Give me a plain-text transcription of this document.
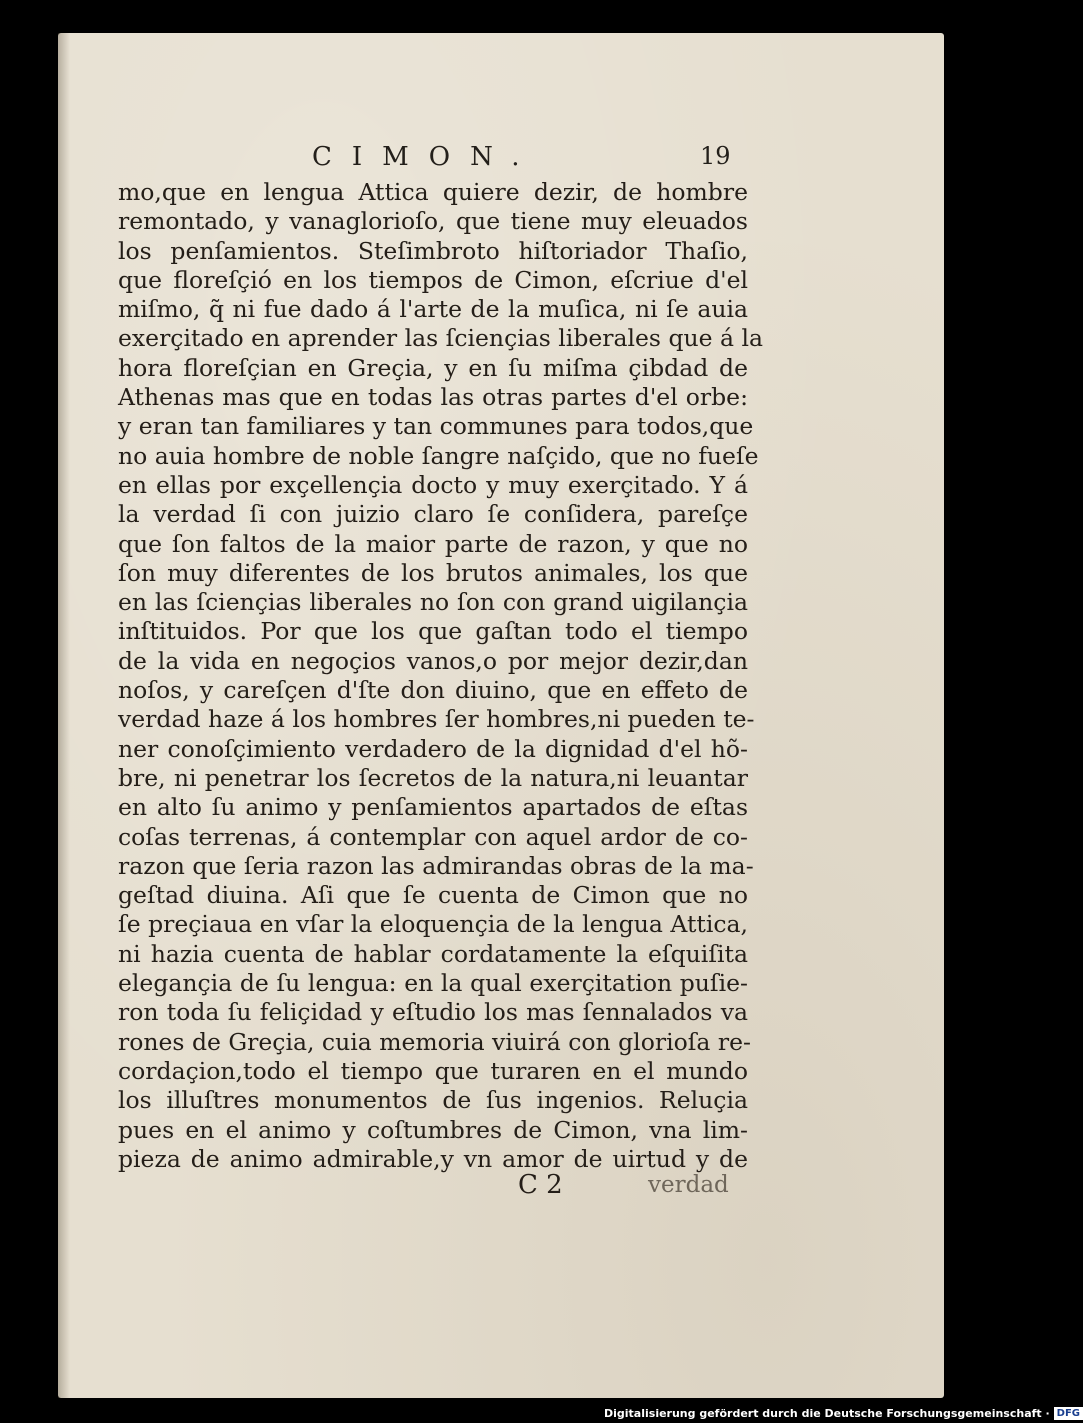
CIMON.	19
mo,que en lengua Attica quiere dezir, de hombre
remontado, y vanaglorioſo, que tiene muy eleuados
los penſamientos. Steſimbroto hiſtoriador Thaſio,
que floreſçió en los tiempos de Cimon, eſcriue d'el
miſmo, q̃ ni fue dado á l'arte de la muſica, ni ſe auia
exerçitado en aprender las ſciençias liberales que á la
hora floreſçian en Greçia, y en ſu miſma çibdad de
Athenas mas que en todas las otras partes d'el orbe:
y eran tan familiares y tan communes para todos,que
no auia hombre de noble ſangre naſçido, que no fueſe
en ellas por exçellençia docto y muy exerçitado. Y á
la verdad ſi con juizio claro ſe conſidera, pareſçe
que ſon faltos de la maior parte de razon, y que no
ſon muy diferentes de los brutos animales, los que
en las ſciençias liberales no ſon con grand uigilançia
inſtituidos. Por que los que gaſtan todo el tiempo
de la vida en negoçios vanos,o por mejor dezir,dan
noſos, y careſçen d'ſte don diuino, que en effeto de
verdad haze á los hombres ſer hombres,ni pueden te-
ner conoſçimiento verdadero de la dignidad d'el hõ-
bre, ni penetrar los ſecretos de la natura,ni leuantar
en alto ſu animo y penſamientos apartados de eſtas
coſas terrenas, á contemplar con aquel ardor de co-
razon que ſeria razon las admirandas obras de la ma-
geſtad diuina. Aſi que ſe cuenta de Cimon que no
ſe preçiaua en vſar la eloquençia de la lengua Attica,
ni hazia cuenta de hablar cordatamente la eſquiſita
elegançia de ſu lengua: en la qual exerçitation puſie-
ron toda ſu feliçidad y eſtudio los mas ſennalados va
rones de Greçia, cuia memoria viuirá con glorioſa re-
cordaçion,todo el tiempo que turaren en el mundo
los illuſtres monumentos de ſus ingenios. Reluçia
pues en el animo y coſtumbres de Cimon, vna lim-
pieza de animo admirable,y vn amor de uirtud y de
C 2	verdad
Digitalisierung gefördert durch die Deutsche Forschungsgemeinschaft · DFG
